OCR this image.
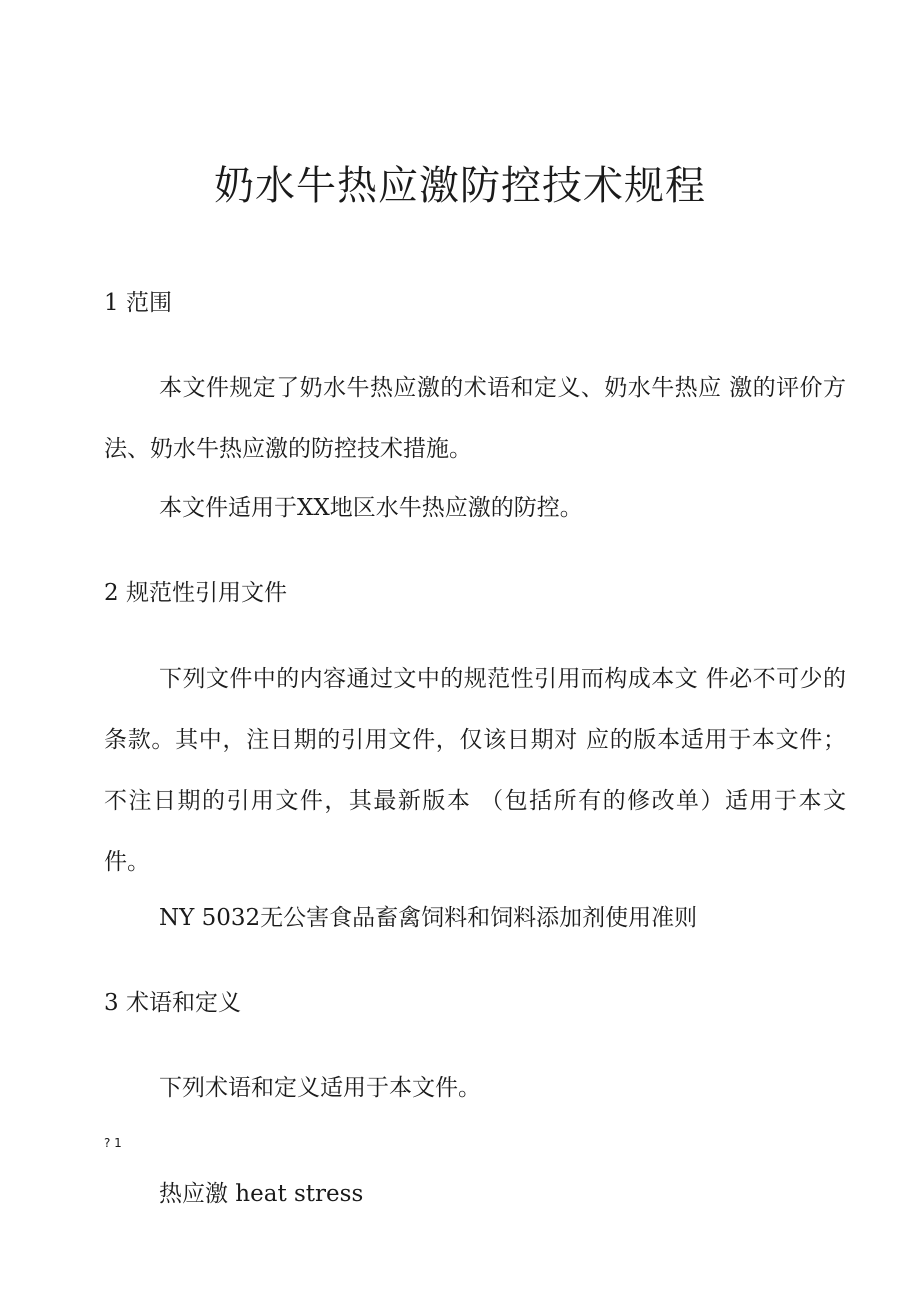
奶水牛热应激防控技术规程
1 范围

本文件规定了奶水牛热应激的术语和定义、奶水牛热应 激的评价方法、奶水牛热应激的防控技术措施。

本文件适用于XX地区水牛热应激的防控。

2 规范性引用文件

下列文件中的内容通过文中的规范性引用而构成本文 件必不可少的条款。其中，注日期的引用文件，仅该日期对 应的版本适用于本文件；不注日期的引用文件，其最新版本 （包括所有的修改单）适用于本文件。

NY 5032无公害食品畜禽饲料和饲料添加剂使用准则

3 术语和定义

下列术语和定义适用于本文件。

? 1

热应激 heat stress
